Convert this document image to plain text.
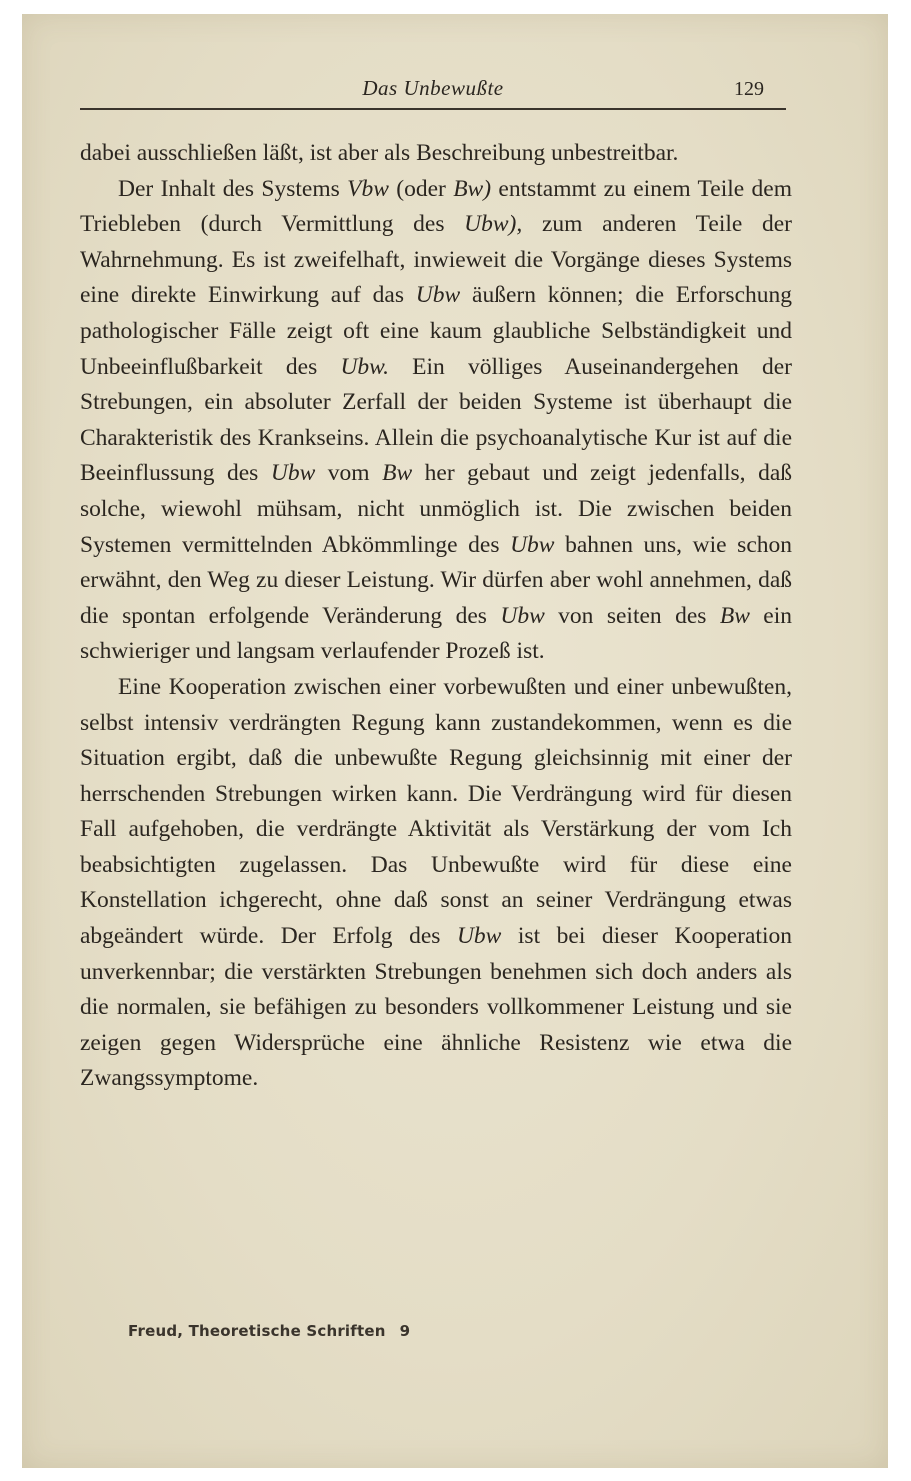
Das Unbewußte	129

dabei ausschließen läßt, ist aber als Beschreibung unbestreitbar.

Der Inhalt des Systems Vbw (oder Bw) entstammt zu einem Teile dem Triebleben (durch Vermittlung des Ubw), zum anderen Teile der Wahrnehmung. Es ist zweifelhaft, inwieweit die Vorgänge dieses Systems eine direkte Einwirkung auf das Ubw äußern können; die Erforschung pathologischer Fälle zeigt oft eine kaum glaubliche Selbständigkeit und Unbeeinflußbarkeit des Ubw. Ein völliges Auseinandergehen der Strebungen, ein absoluter Zerfall der beiden Systeme ist überhaupt die Charakteristik des Krankseins. Allein die psychoanalytische Kur ist auf die Beeinflussung des Ubw vom Bw her gebaut und zeigt jedenfalls, daß solche, wiewohl mühsam, nicht unmöglich ist. Die zwischen beiden Systemen vermittelnden Abkömmlinge des Ubw bahnen uns, wie schon erwähnt, den Weg zu dieser Leistung. Wir dürfen aber wohl annehmen, daß die spontan erfolgende Veränderung des Ubw von seiten des Bw ein schwieriger und langsam verlaufender Prozeß ist.

Eine Kooperation zwischen einer vorbewußten und einer unbewußten, selbst intensiv verdrängten Regung kann zustandekommen, wenn es die Situation ergibt, daß die unbewußte Regung gleichsinnig mit einer der herrschenden Strebungen wirken kann. Die Verdrängung wird für diesen Fall aufgehoben, die verdrängte Aktivität als Verstärkung der vom Ich beabsichtigten zugelassen. Das Unbewußte wird für diese eine Konstellation ichgerecht, ohne daß sonst an seiner Verdrängung etwas abgeändert würde. Der Erfolg des Ubw ist bei dieser Kooperation unverkennbar; die verstärkten Strebungen benehmen sich doch anders als die normalen, sie befähigen zu besonders vollkommener Leistung und sie zeigen gegen Widersprüche eine ähnliche Resistenz wie etwa die Zwangssymptome.

Freud, Theoretische Schriften 9
